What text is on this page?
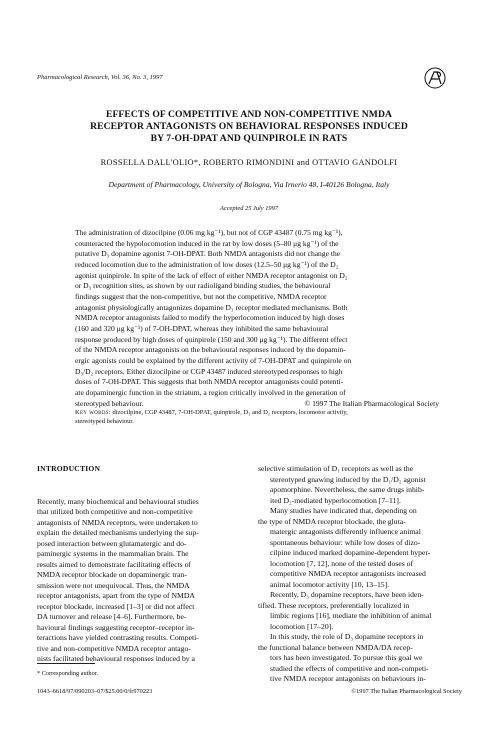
Pharmacological Research, Vol. 36, No. 3, 1997
EFFECTS OF COMPETITIVE AND NON-COMPETITIVE NMDA
RECEPTOR ANTAGONISTS ON BEHAVIORAL RESPONSES INDUCED
BY 7-OH-DPAT AND QUINPIROLE IN RATS
ROSSELLA DALL'OLIO*, ROBERTO RIMONDINI and OTTAVIO GANDOLFI
Department of Pharmacology, University of Bologna, Via Irnerio 48, I-40126 Bologna, Italy
Accepted 25 July 1997

The administration of dizocilpine (0.06 mg kg⁻¹), but not of CGP 43487 (0.75 mg kg⁻¹),

counteracted the hypolocomotion induced in the rat by low doses (5–80 μg kg⁻¹) of the

putative D₃ dopamine agonist 7-OH-DPAT. Both NMDA antagonists did not change the

reduced locomotion due to the administration of low doses (12.5–50 μg kg⁻¹) of the D₂

agonist quinpirole. In spite of the lack of effect of either NMDA receptor antagonist on D₂

or D₃ recognition sites, as shown by our radioligand binding studies, the behavioural

findings suggest that the non-competitive, but not the competitive, NMDA receptor

antagonist physiologically antagonizes dopamine D₃ receptor mediated mechanisms. Both

NMDA receptor antagonists failed to modify the hyperlocomotion induced by high doses

(160 and 320 μg kg⁻¹) of 7-OH-DPAT, whereas they inhibited the same behavioural

response produced by high doses of quinpirole (150 and 300 μg kg⁻¹). The different effect

of the NMDA receptor antagonists on the behavioural responses induced by the dopamin-

ergic agonists could be explained by the different activity of 7-OH-DPAT and quinpirole on

D₃/D₂ receptors. Either dizocilpine or CGP 43487 induced stereotyped responses to high

doses of 7-OH-DPAT. This suggests that both NMDA receptor antagonists could potenti-

ate dopaminergic function in the striatum, a region critically involved in the generation of

stereotyped behaviour.	© 1997 The Italian Pharmacological Society

Key words: dizocilpine, CGP 43487, 7-OH-DPAT, quinpirole, D₃ and D₂ receptors, locomotor activity,
stereotyped behaviour.
INTRODUCTION

Recently, many biochemical and behavioural studies

that utilized both competitive and non-competitive

antagonists of NMDA receptors, were undertaken to

explain the detailed mechanisms underlying the sup-

posed interaction between glutamatergic and do-

paminergic systems in the mammalian brain. The

results aimed to demonstrate facilitating effects of

NMDA receptor blockade on dopaminergic tran-

smission were not unequivocal. Thus, the NMDA

receptor antagonists, apart from the type of NMDA

receptor blockade, increased [1–3] or did not affect

DA turnover and release [4–6]. Furthermore, be-

havioural findings suggesting receptor–receptor in-

teractions have yielded contrasting results. Competi-

tive and non-competitive NMDA receptor antago-

nists facilitated behavioural responses induced by a

selective stimulation of D₁ receptors as well as the

stereotyped gnawing induced by the D₁/D₂ agonist

apomorphine. Nevertheless, the same drugs inhib-

ited D₂-mediated hyperlocomotion [7–11].

Many studies have indicated that, depending on

the type of NMDA receptor blockade, the gluta-

matergic antagonists differently influence animal

spontaneous behaviour: while low doses of dizo-

cilpine induced marked dopamine-dependent hyper-

locomotion [7, 12], none of the tested doses of

competitive NMDA receptor antagonists increased

animal locomotor activity [10, 13–15].

Recently, D₃ dopamine receptors, have been iden-

tified. These receptors, preferentially localized in

limbic regions [16], mediate the inhibition of animal

locomotion [17–20].

In this study, the role of D₃ dopamine receptors in

the functional balance between NMDA/DA recep-

tors has been investigated. To pursue this goal we

studied the effects of competitive and non-competi-

tive NMDA receptor antagonists on behaviours in-

* Corresponding author.
1043–6618/97/090203–07/$25.00/0/fr970223	©1997 The Italian Pharmacological Society
